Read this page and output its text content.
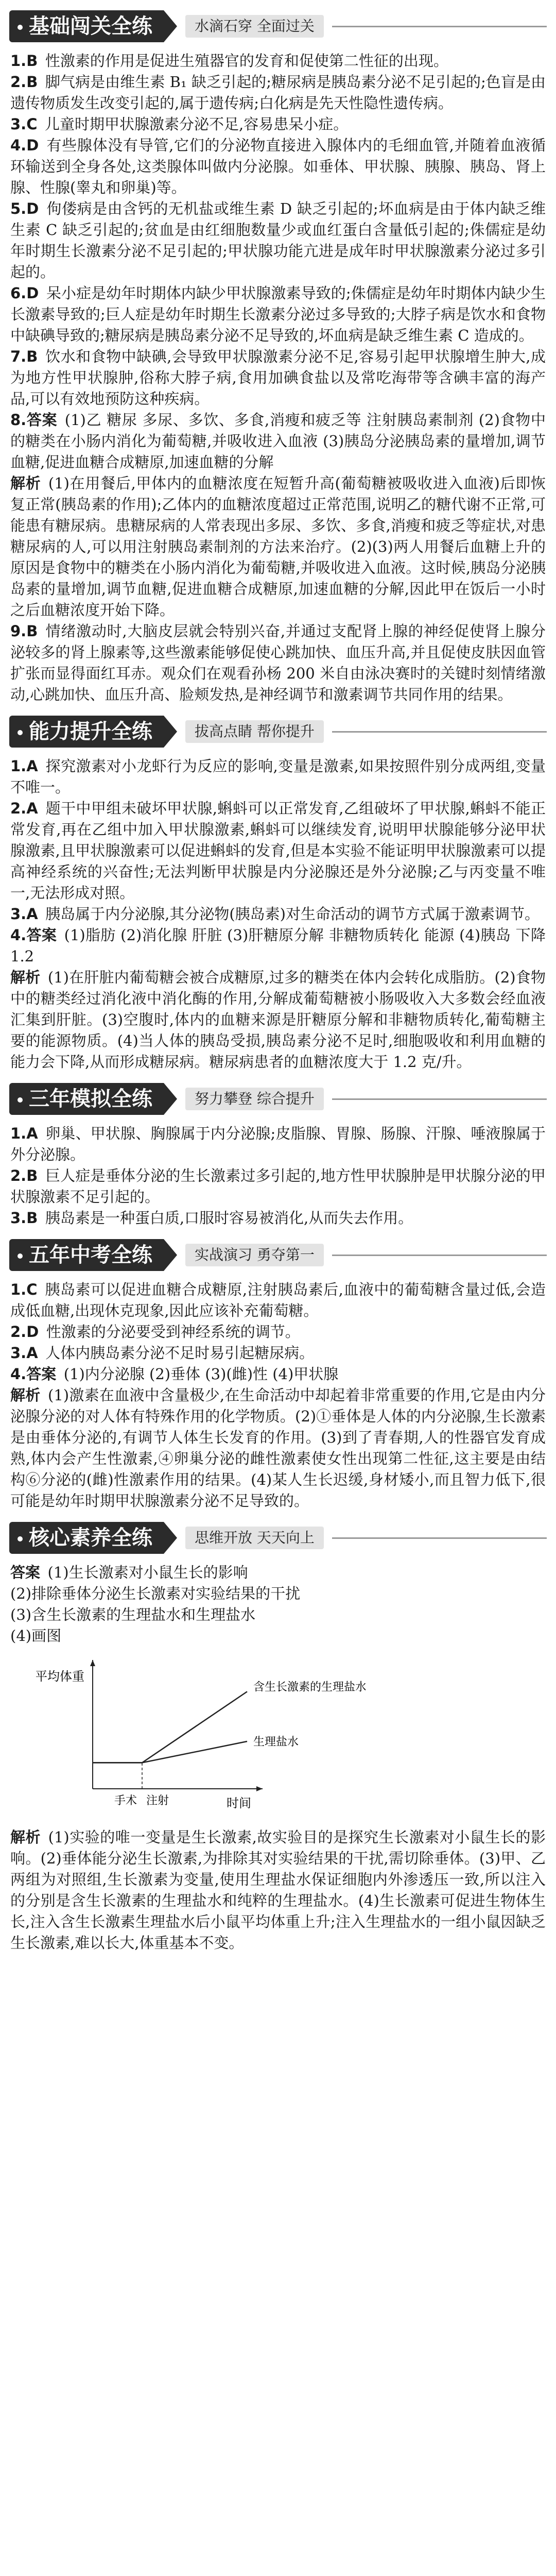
基础闯关全练	水滴石穿 全面过关

1.B  性激素的作用是促进生殖器官的发育和促使第二性征的出现。

2.B  脚气病是由维生素 B₁ 缺乏引起的;糖尿病是胰岛素分泌不足引起的;色盲是由遗传物质发生改变引起的,属于遗传病;白化病是先天性隐性遗传病。

3.C  儿童时期甲状腺激素分泌不足,容易患呆小症。

4.D  有些腺体没有导管,它们的分泌物直接进入腺体内的毛细血管,并随着血液循环输送到全身各处,这类腺体叫做内分泌腺。如垂体、甲状腺、胰腺、胰岛、肾上腺、性腺(睾丸和卵巢)等。

5.D  佝偻病是由含钙的无机盐或维生素 D 缺乏引起的;坏血病是由于体内缺乏维生素 C 缺乏引起的;贫血是由红细胞数量少或血红蛋白含量低引起的;侏儒症是幼年时期生长激素分泌不足引起的;甲状腺功能亢进是成年时甲状腺激素分泌过多引起的。

6.D  呆小症是幼年时期体内缺少甲状腺激素导致的;侏儒症是幼年时期体内缺少生长激素导致的;巨人症是幼年时期生长激素分泌过多导致的;大脖子病是饮水和食物中缺碘导致的;糖尿病是胰岛素分泌不足导致的,坏血病是缺乏维生素 C 造成的。

7.B  饮水和食物中缺碘,会导致甲状腺激素分泌不足,容易引起甲状腺增生肿大,成为地方性甲状腺肿,俗称大脖子病,食用加碘食盐以及常吃海带等含碘丰富的海产品,可以有效地预防这种疾病。

8.答案  (1)乙 糖尿 多尿、多饮、多食,消瘦和疲乏等 注射胰岛素制剂 (2)食物中的糖类在小肠内消化为葡萄糖,并吸收进入血液 (3)胰岛分泌胰岛素的量增加,调节血糖,促进血糖合成糖原,加速血糖的分解

解析  (1)在用餐后,甲体内的血糖浓度在短暂升高(葡萄糖被吸收进入血液)后即恢复正常(胰岛素的作用);乙体内的血糖浓度超过正常范围,说明乙的糖代谢不正常,可能患有糖尿病。患糖尿病的人常表现出多尿、多饮、多食,消瘦和疲乏等症状,对患糖尿病的人,可以用注射胰岛素制剂的方法来治疗。(2)(3)两人用餐后血糖上升的原因是食物中的糖类在小肠内消化为葡萄糖,并吸收进入血液。这时候,胰岛分泌胰岛素的量增加,调节血糖,促进血糖合成糖原,加速血糖的分解,因此甲在饭后一小时之后血糖浓度开始下降。

9.B  情绪激动时,大脑皮层就会特别兴奋,并通过支配肾上腺的神经促使肾上腺分泌较多的肾上腺素等,这些激素能够促使心跳加快、血压升高,并且促使皮肤因血管扩张而显得面红耳赤。观众们在观看孙杨 200 米自由泳决赛时的关键时刻情绪激动,心跳加快、血压升高、脸颊发热,是神经调节和激素调节共同作用的结果。

能力提升全练	拔高点睛 帮你提升

1.A  探究激素对小龙虾行为反应的影响,变量是激素,如果按照件别分成两组,变量不唯一。

2.A  题干中甲组未破坏甲状腺,蝌蚪可以正常发育,乙组破坏了甲状腺,蝌蚪不能正常发育,再在乙组中加入甲状腺激素,蝌蚪可以继续发育,说明甲状腺能够分泌甲状腺激素,且甲状腺激素可以促进蝌蚪的发育,但是本实验不能证明甲状腺激素可以提高神经系统的兴奋性;无法判断甲状腺是内分泌腺还是外分泌腺;乙与丙变量不唯一,无法形成对照。

3.A  胰岛属于内分泌腺,其分泌物(胰岛素)对生命活动的调节方式属于激素调节。

4.答案  (1)脂肪 (2)消化腺 肝脏 (3)肝糖原分解 非糖物质转化 能源 (4)胰岛 下降 1.2

解析  (1)在肝脏内葡萄糖会被合成糖原,过多的糖类在体内会转化成脂肪。(2)食物中的糖类经过消化液中消化酶的作用,分解成葡萄糖被小肠吸收入大多数会经血液汇集到肝脏。(3)空腹时,体内的血糖来源是肝糖原分解和非糖物质转化,葡萄糖主要的能源物质。(4)当人体的胰岛受损,胰岛素分泌不足时,细胞吸收和利用血糖的能力会下降,从而形成糖尿病。糖尿病患者的血糖浓度大于 1.2 克/升。

三年模拟全练	努力攀登 综合提升

1.A  卵巢、甲状腺、胸腺属于内分泌腺;皮脂腺、胃腺、肠腺、汗腺、唾液腺属于外分泌腺。

2.B  巨人症是垂体分泌的生长激素过多引起的,地方性甲状腺肿是甲状腺分泌的甲状腺激素不足引起的。

3.B  胰岛素是一种蛋白质,口服时容易被消化,从而失去作用。

五年中考全练	实战演习 勇夺第一

1.C  胰岛素可以促进血糖合成糖原,注射胰岛素后,血液中的葡萄糖含量过低,会造成低血糖,出现休克现象,因此应该补充葡萄糖。

2.D  性激素的分泌要受到神经系统的调节。

3.A  人体内胰岛素分泌不足时易引起糖尿病。

4.答案  (1)内分泌腺 (2)垂体 (3)(雌)性 (4)甲状腺

解析  (1)激素在血液中含量极少,在生命活动中却起着非常重要的作用,它是由内分泌腺分泌的对人体有特殊作用的化学物质。(2)①垂体是人体的内分泌腺,生长激素是由垂体分泌的,有调节人体生长发育的作用。(3)到了青春期,人的性器官发育成熟,体内会产生性激素,④卵巢分泌的雌性激素使女性出现第二性征,这主要是由结构⑥分泌的(雌)性激素作用的结果。(4)某人生长迟缓,身材矮小,而且智力低下,很可能是幼年时期甲状腺激素分泌不足导致的。

核心素养全练	思维开放 天天向上

答案  (1)生长激素对小鼠生长的影响

(2)排除垂体分泌生长激素对实验结果的干扰

(3)含生长激素的生理盐水和生理盐水

(4)画图

平均体重
时间
手术 注射
含生长激素的生理盐水
生理盐水

解析  (1)实验的唯一变量是生长激素,故实验目的是探究生长激素对小鼠生长的影响。(2)垂体能分泌生长激素,为排除其对实验结果的干扰,需切除垂体。(3)甲、乙两组为对照组,生长激素为变量,使用生理盐水保证细胞内外渗透压一致,所以注入的分别是含生长激素的生理盐水和纯粹的生理盐水。(4)生长激素可促进生物体生长,注入含生长激素生理盐水后小鼠平均体重上升;注入生理盐水的一组小鼠因缺乏生长激素,难以长大,体重基本不变。
